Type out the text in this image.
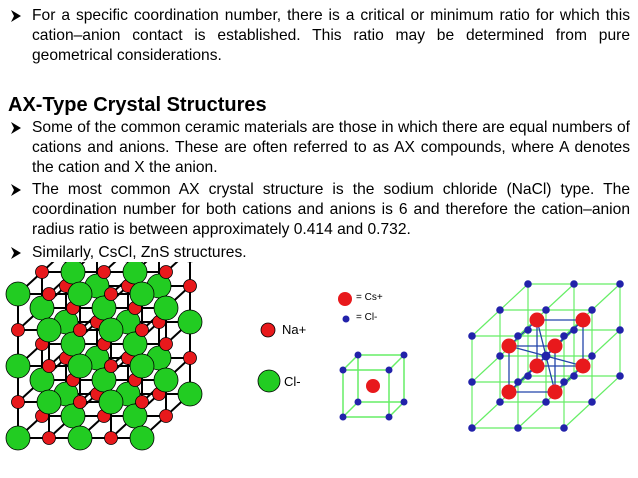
For a specific coordination number, there is a critical or minimum ratio for which this cation–anion contact is established. This ratio may be determined from pure geometrical considerations.
AX-Type Crystal Structures
Some of the common ceramic materials are those in which there are equal numbers of cations and anions. These are often referred to as AX compounds, where A denotes the cation and X the anion.
The most common AX crystal structure is the sodium chloride (NaCl) type. The coordination number for both cations and anions is 6 and therefore the cation–anion radius ratio is between approximately 0.414 and 0.732.
Similarly, CsCl, ZnS structures.
Na+
Cl-
= Cs+
= Cl-
